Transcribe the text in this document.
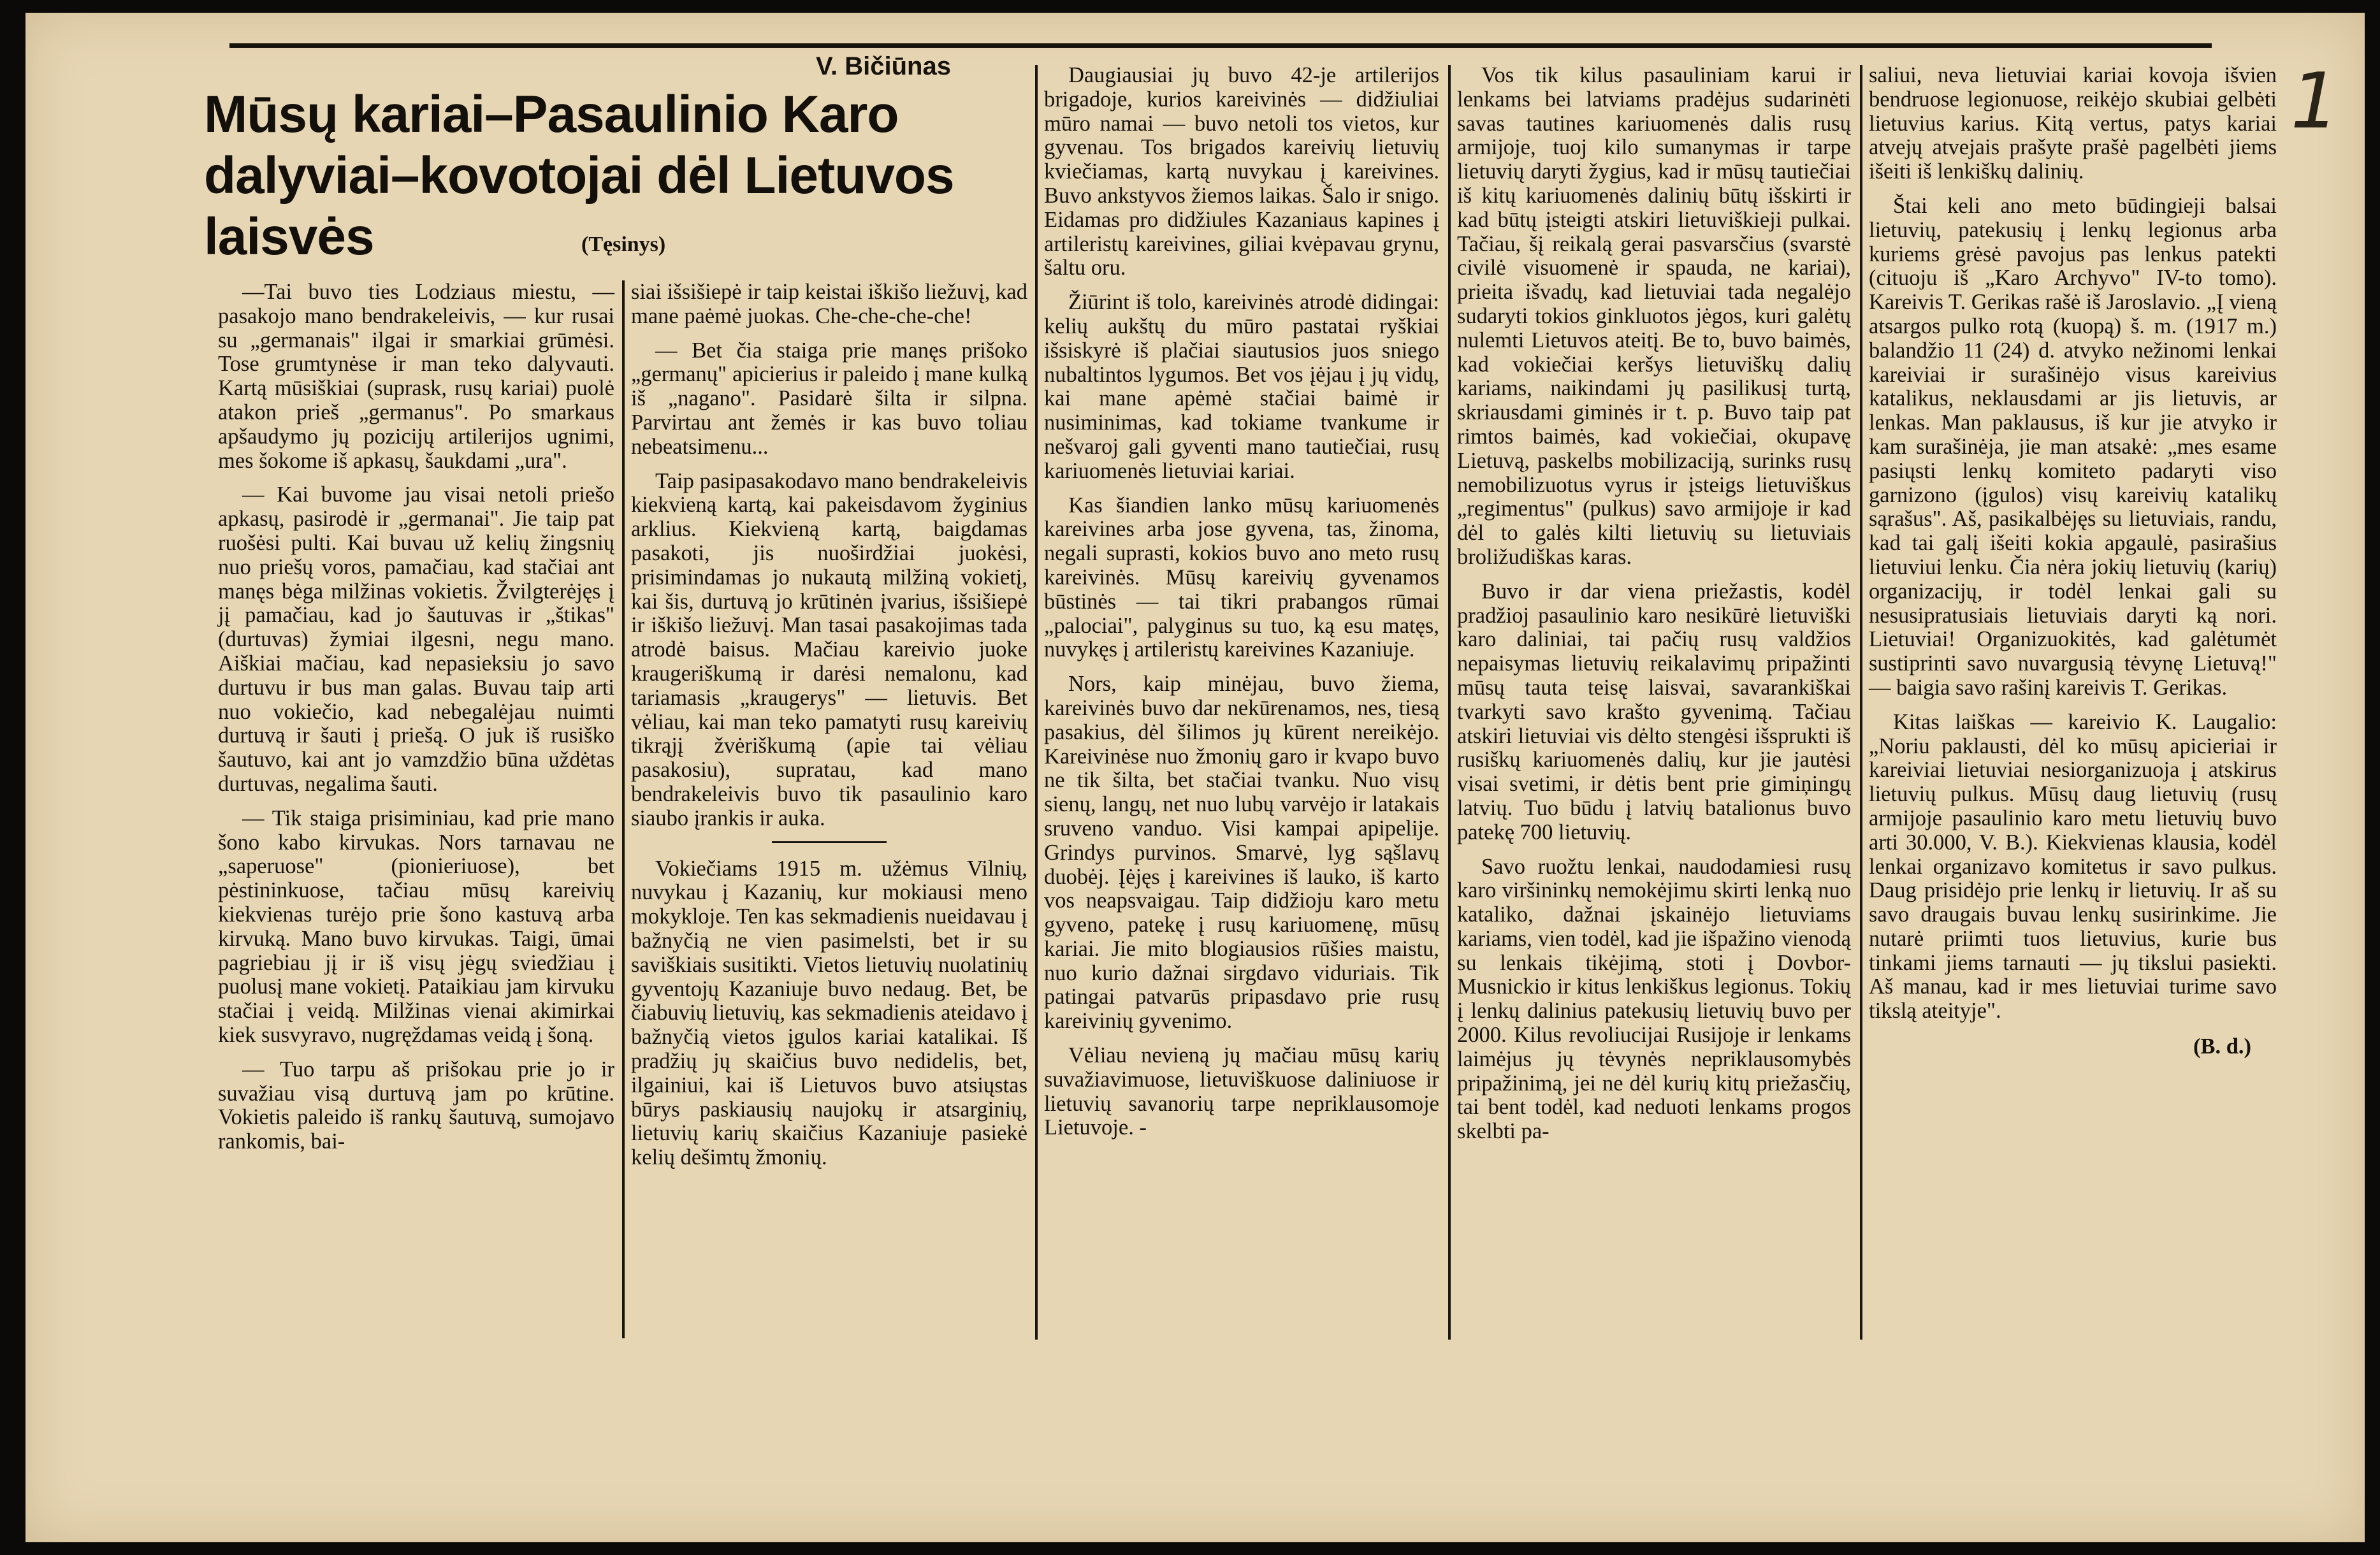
1
V. Bičiūnas
Mūsų kariai–Pasaulinio Karo dalyviai–kovotojai dėl Lietuvos laisvės	(Tęsinys)

—Tai buvo ties Lodziaus miestu, — pasakojo mano bendrakeleivis, — kur rusai su „germanais" ilgai ir smarkiai grūmėsi. Tose grumtynėse ir man teko dalyvauti. Kartą mūsiškiai (suprask, rusų kariai) puolė atakon prieš „germanus". Po smarkaus apšaudymo jų pozicijų artilerijos ugnimi, mes šokome iš apkasų, šaukdami „ura".

— Kai buvome jau visai netoli priešo apkasų, pasirodė ir „germanai". Jie taip pat ruošėsi pulti. Kai buvau už kelių žingsnių nuo priešų voros, pamačiau, kad stačiai ant manęs bėga milžinas vokietis. Žvilgterėjęs į jį pamačiau, kad jo šautuvas ir „štikas" (durtuvas) žymiai ilgesni, negu mano. Aiškiai mačiau, kad nepasieksiu jo savo durtuvu ir bus man galas. Buvau taip arti nuo vokiečio, kad nebegalėjau nuimti durtuvą ir šauti į priešą. O juk iš rusiško šautuvo, kai ant jo vamzdžio būna uždėtas durtuvas, negalima šauti.

— Tik staiga prisiminiau, kad prie mano šono kabo kirvukas. Nors tarnavau ne „saperuose" (pionieriuose), bet pėstininkuose, tačiau mūsų kareivių kiekvienas turėjo prie šono kastuvą arba kirvuką. Mano buvo kirvukas. Taigi, ūmai pagriebiau jį ir iš visų jėgų sviedžiau į puolusį mane vokietį. Pataikiau jam kirvuku stačiai į veidą. Milžinas vienai akimirkai kiek susvyravo, nugręždamas veidą į šoną.

— Tuo tarpu aš prišokau prie jo ir suvažiau visą durtuvą jam po krūtine. Vokietis paleido iš rankų šautuvą, sumojavo rankomis, bai-

siai išsišiepė ir taip keistai iškišo liežuvį, kad mane paėmė juokas. Che-che-che-che!

— Bet čia staiga prie manęs prišoko „germanų" apicierius ir paleido į mane kulką iš „nagano". Pasidarė šilta ir silpna. Parvirtau ant žemės ir kas buvo toliau nebeatsimenu...

Taip pasipasakodavo mano bendrakeleivis kiekvieną kartą, kai pakeisdavom žyginius arklius. Kiekvieną kartą, baigdamas pasakoti, jis nuoširdžiai juokėsi, prisimindamas jo nukautą milžiną vokietį, kai šis, durtuvą jo krūtinėn įvarius, išsišiepė ir iškišo liežuvį. Man tasai pasakojimas tada atrodė baisus. Mačiau kareivio juoke kraugeriškumą ir darėsi nemalonu, kad tariamasis „kraugerys" — lietuvis. Bet vėliau, kai man teko pamatyti rusų kareivių tikrąjį žvėriškumą (apie tai vėliau pasakosiu), supratau, kad mano bendrakeleivis buvo tik pasaulinio karo siaubo įrankis ir auka.

Vokiečiams 1915 m. užėmus Vilnių, nuvykau į Kazanių, kur mokiausi meno mokykloje. Ten kas sekmadienis nueidavau į bažnyčią ne vien pasimelsti, bet ir su saviškiais susitikti. Vietos lietuvių nuolatinių gyventojų Kazaniuje buvo nedaug. Bet, be čiabuvių lietuvių, kas sekmadienis ateidavo į bažnyčią vietos įgulos kariai katalikai. Iš pradžių jų skaičius buvo nedidelis, bet, ilgainiui, kai iš Lietuvos buvo atsiųstas būrys paskiausių naujokų ir atsarginių, lietuvių karių skaičius Kazaniuje pasiekė kelių dešimtų žmonių.

Daugiausiai jų buvo 42-je artilerijos brigadoje, kurios kareivinės — didžiuliai mūro namai — buvo netoli tos vietos, kur gyvenau. Tos brigados kareivių lietuvių kviečiamas, kartą nuvykau į kareivines. Buvo ankstyvos žiemos laikas. Šalo ir snigo. Eidamas pro didžiules Kazaniaus kapines į artileristų kareivines, giliai kvėpavau grynu, šaltu oru.

Žiūrint iš tolo, kareivinės atrodė didingai: kelių aukštų du mūro pastatai ryškiai išsiskyrė iš plačiai siautusios juos sniego nubaltintos lygumos. Bet vos įėjau į jų vidų, kai mane apėmė stačiai baimė ir nusiminimas, kad tokiame tvankume ir nešvaroj gali gyventi mano tautiečiai, rusų kariuomenės lietuviai kariai.

Kas šiandien lanko mūsų kariuomenės kareivines arba jose gyvena, tas, žinoma, negali suprasti, kokios buvo ano meto rusų kareivinės. Mūsų kareivių gyvenamos būstinės — tai tikri prabangos rūmai „palociai", palyginus su tuo, ką esu matęs, nuvykęs į artileristų kareivines Kazaniuje.

Nors, kaip minėjau, buvo žiema, kareivinės buvo dar nekūrenamos, nes, tiesą pasakius, dėl šilimos jų kūrent nereikėjo. Kareivinėse nuo žmonių garo ir kvapo buvo ne tik šilta, bet stačiai tvanku. Nuo visų sienų, langų, net nuo lubų varvėjo ir latakais sruveno vanduo. Visi kampai apipelije. Grindys purvinos. Smarvė, lyg sąšlavų duobėj. Įėjęs į kareivines iš lauko, iš karto vos neapsvaigau. Taip didžioju karo metu gyveno, patekę į rusų kariuomenę, mūsų kariai. Jie mito blogiausios rūšies maistu, nuo kurio dažnai sirgdavo viduriais. Tik patingai patvarūs pripasdavo prie rusų kareivinių gyvenimo.

Vėliau nevieną jų mačiau mūsų karių suvažiavimuose, lietuviškuose daliniuose ir lietuvių savanorių tarpe nepriklausomoje Lietuvoje. -

Vos tik kilus pasauliniam karui ir lenkams bei latviams pradėjus sudarinėti savas tautines kariuomenės dalis rusų armijoje, tuoj kilo sumanymas ir tarpe lietuvių daryti žygius, kad ir mūsų tautiečiai iš kitų kariuomenės dalinių būtų išskirti ir kad būtų įsteigti atskiri lietuviškieji pulkai. Tačiau, šį reikalą gerai pasvarsčius (svarstė civilė visuomenė ir spauda, ne kariai), prieita išvadų, kad lietuviai tada negalėjo sudaryti tokios ginkluotos jėgos, kuri galėtų nulemti Lietuvos ateitį. Be to, buvo baimės, kad vokiečiai keršys lietuviškų dalių kariams, naikindami jų pasilikusį turtą, skriausdami giminės ir t. p. Buvo taip pat rimtos baimės, kad vokiečiai, okupavę Lietuvą, paskelbs mobilizaciją, surinks rusų nemobilizuotus vyrus ir įsteigs lietuviškus „regimentus" (pulkus) savo armijoje ir kad dėl to galės kilti lietuvių su lietuviais broližudiškas karas.

Buvo ir dar viena priežastis, kodėl pradžioj pasaulinio karo nesikūrė lietuviški karo daliniai, tai pačių rusų valdžios nepaisymas lietuvių reikalavimų pripažinti mūsų tauta teisę laisvai, savarankiškai tvarkyti savo krašto gyvenimą. Tačiau atskiri lietuviai vis dėlto stengėsi išsprukti iš rusiškų kariuomenės dalių, kur jie jautėsi visai svetimi, ir dėtis bent prie gimiņingų latvių. Tuo būdu į latvių batalionus buvo patekę 700 lietuvių.

Savo ruožtu lenkai, naudodamiesi rusų karo viršininkų nemokėjimu skirti lenką nuo kataliko, dažnai įskainėjo lietuviams kariams, vien todėl, kad jie išpažino vienodą su lenkais tikėjimą, stoti į Dovbor-Musnickio ir kitus lenkiškus legionus. Tokių į lenkų dalinius patekusių lietuvių buvo per 2000. Kilus revoliucijai Rusijoje ir lenkams laimėjus jų tėvynės nepriklausomybės pripažinimą, jei ne dėl kurių kitų priežasčių, tai bent todėl, kad neduoti lenkams progos skelbti pa-

saliui, neva lietuviai kariai kovoja išvien bendruose legionuose, reikėjo skubiai gelbėti lietuvius karius. Kitą vertus, patys kariai atvejų atvejais prašyte prašė pagelbėti jiems išeiti iš lenkiškų dalinių.

Štai keli ano meto būdingieji balsai lietuvių, patekusių į lenkų legionus arba kuriems grėsė pavojus pas lenkus patekti (cituoju iš „Karo Archyvo" IV-to tomo). Kareivis T. Gerikas rašė iš Jaroslavio. „Į vieną atsargos pulko rotą (kuopą) š. m. (1917 m.) balandžio 11 (24) d. atvyko nežinomi lenkai kareiviai ir surašinėjo visus kareivius katalikus, neklausdami ar jis lietuvis, ar lenkas. Man paklausus, iš kur jie atvyko ir kam surašinėja, jie man atsakė: „mes esame pasiųsti lenkų komiteto padaryti viso garnizono (įgulos) visų kareivių katalikų sąrašus". Aš, pasikalbėjęs su lietuviais, randu, kad tai galį išeiti kokia apgaulė, pasirašius lietuviui lenku. Čia nėra jokių lietuvių (karių) organizacijų, ir todėl lenkai gali su nesusipratusiais lietuviais daryti ką nori. Lietuviai! Organizuokitės, kad galėtumėt sustiprinti savo nuvargusią tėvynę Lietuvą!" — baigia savo rašinį kareivis T. Gerikas.

Kitas laiškas — kareivio K. Laugalio: „Noriu paklausti, dėl ko mūsų apicieriai ir kareiviai lietuviai nesiorganizuoja į atskirus lietuvių pulkus. Mūsų daug lietuvių (rusų armijoje pasaulinio karo metu lietuvių buvo arti 30.000, V. B.). Kiekvienas klausia, kodėl lenkai organizavo komitetus ir savo pulkus. Daug prisidėjo prie lenkų ir lietuvių. Ir aš su savo draugais buvau lenkų susirinkime. Jie nutarė priimti tuos lietuvius, kurie bus tinkami jiems tarnauti — jų tikslui pasiekti. Aš manau, kad ir mes lietuviai turime savo tikslą ateityje".

(B. d.)
